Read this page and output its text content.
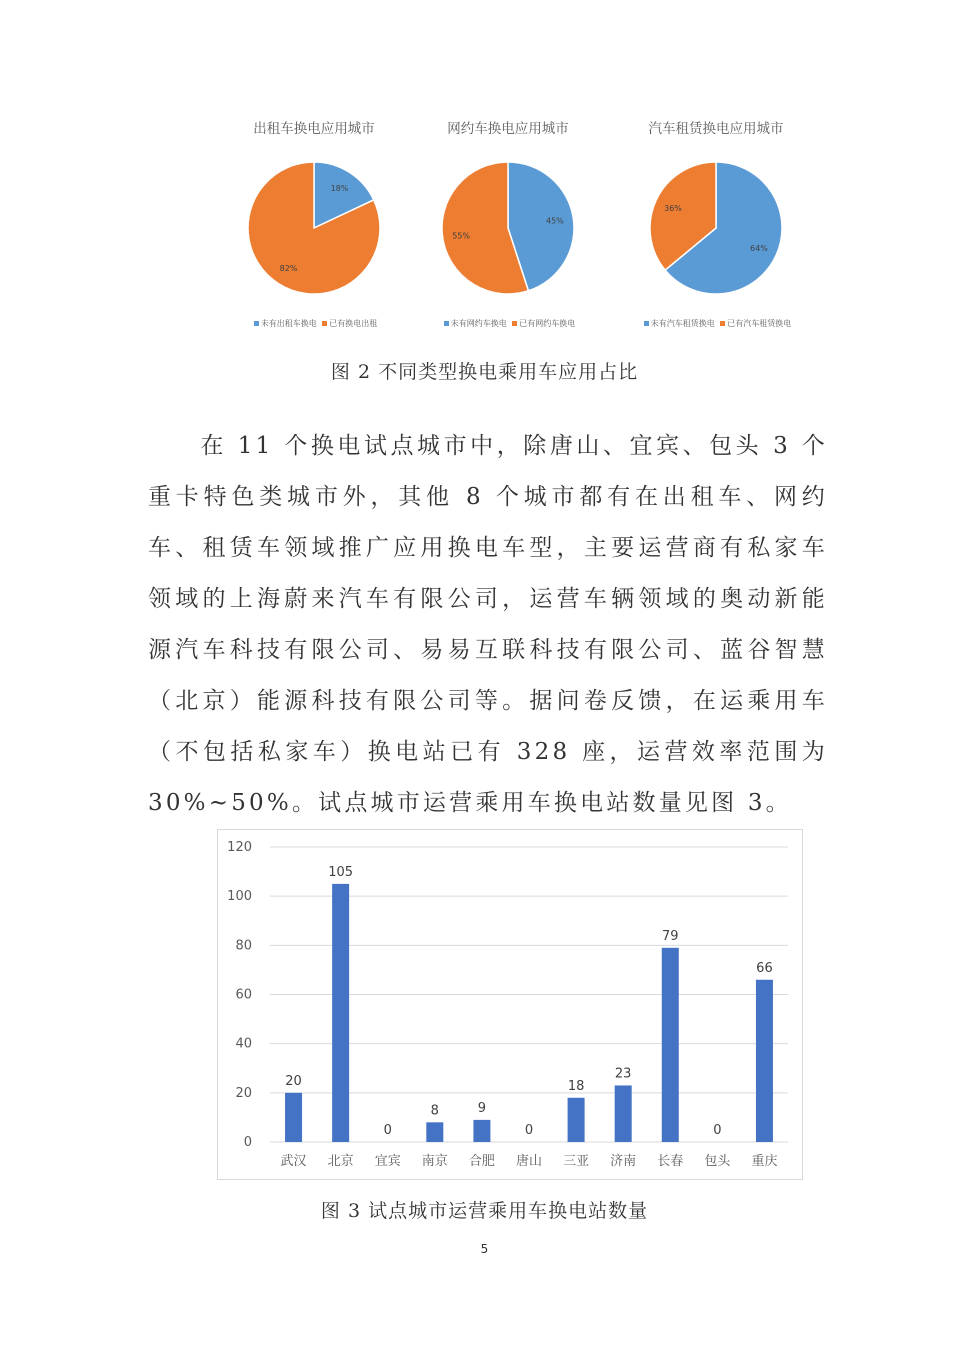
出租车换电应用城市
18%
82%
未有出租车换电 已有换电出租
网约车换电应用城市
45%
55%
未有网约车换电 已有网约车换电
汽车租赁换电应用城市
64%
36%
未有汽车租赁换电 已有汽车租赁换电
图 2 不同类型换电乘用车应用占比

在 11 个换电试点城市中，除唐山、宜宾、包头 3 个重卡特色类城市外，其他 8 个城市都有在出租车、网约车、租赁车领域推广应用换电车型，主要运营商有私家车领域的上海蔚来汽车有限公司，运营车辆领域的奥动新能源汽车科技有限公司、易易互联科技有限公司、蓝谷智慧（北京）能源科技有限公司等。据问卷反馈，在运乘用车（不包括私家车）换电站已有 328 座，运营效率范围为 30%~50%。试点城市运营乘用车换电站数量见图 3。

0
20
40
60
80
100
120
20
武汉
105
北京
0
宜宾
8
南京
9
合肥
0
唐山
18
三亚
23
济南
79
长春
0
包头
66
重庆
图 3 试点城市运营乘用车换电站数量
5
